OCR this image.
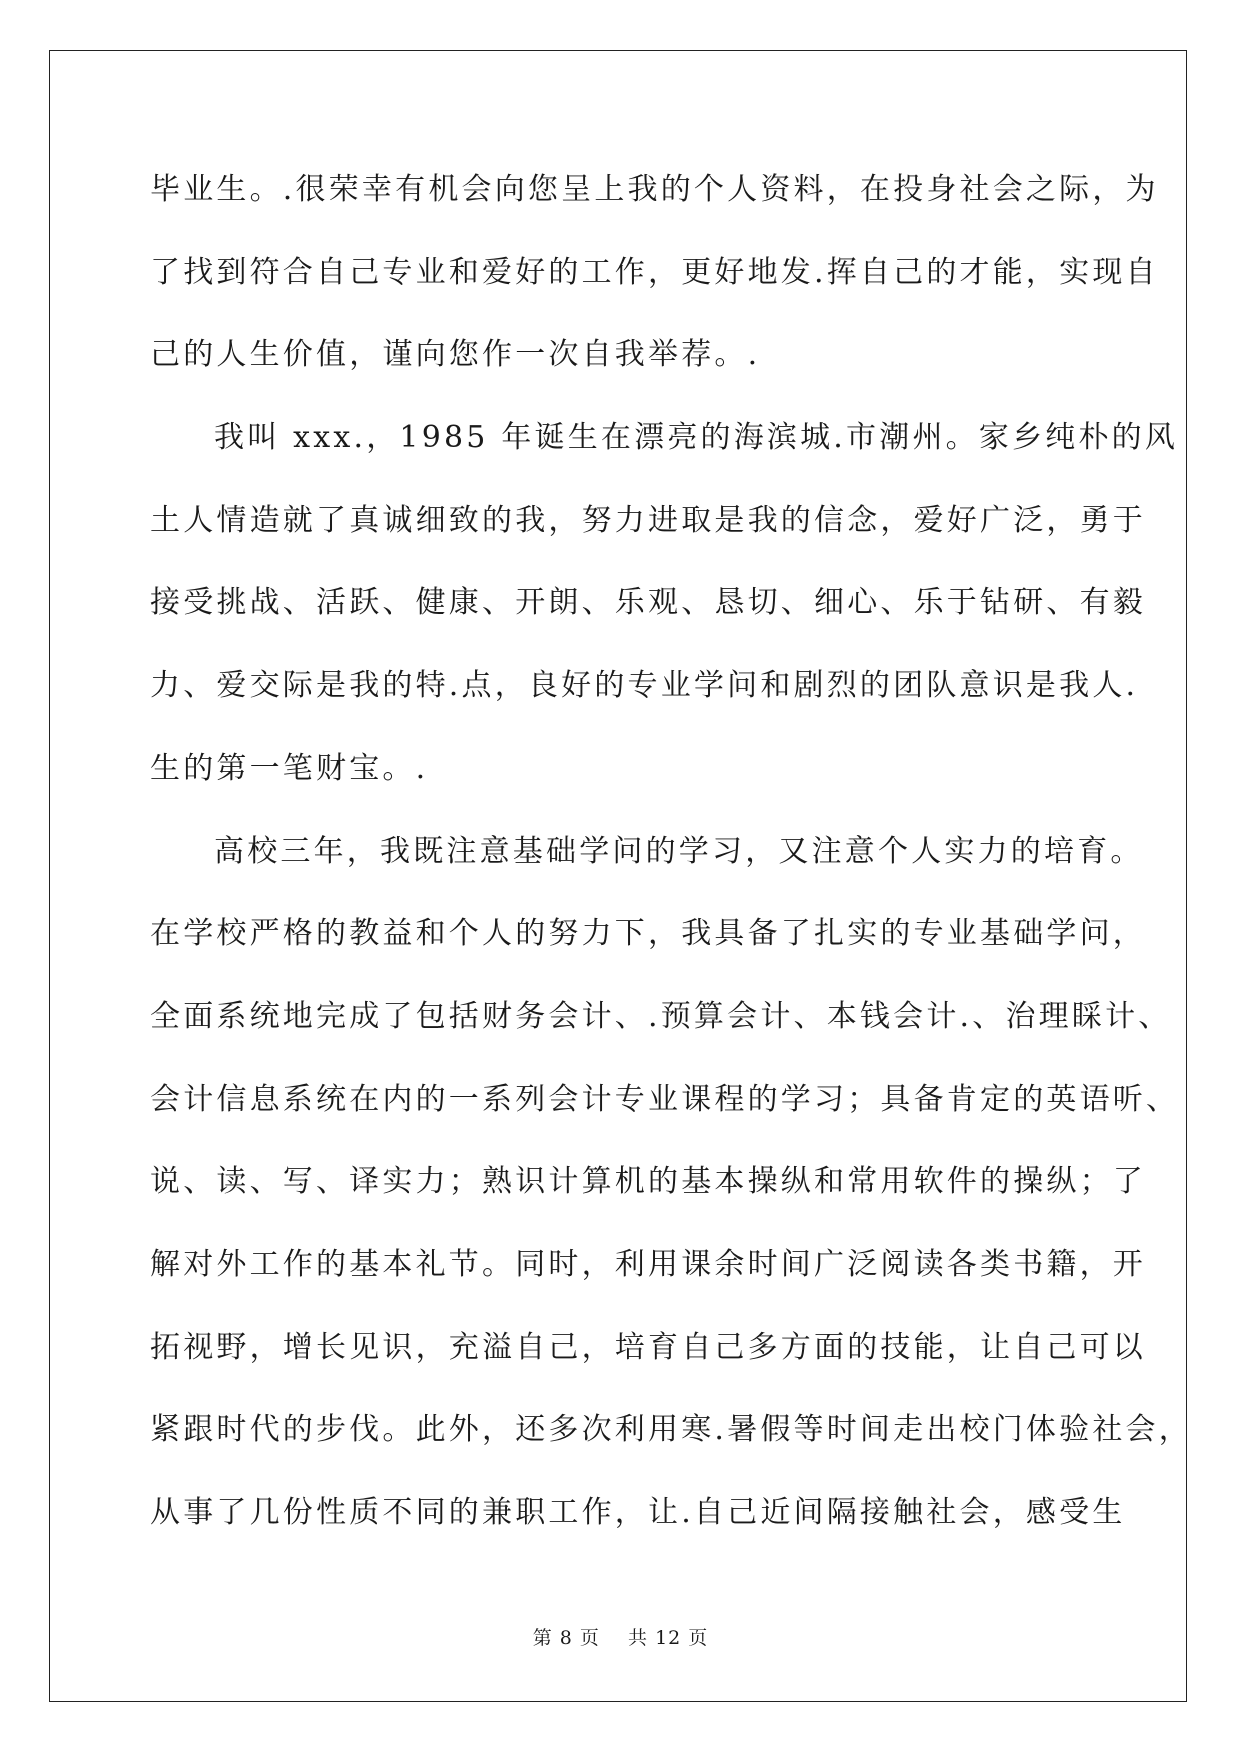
毕业生。.很荣幸有机会向您呈上我的个人资料，在投身社会之际，为
了找到符合自己专业和爱好的工作，更好地发.挥自己的才能，实现自
己的人生价值，谨向您作一次自我举荐。.
我叫 xxx.，1985 年诞生在漂亮的海滨城.市潮州。家乡纯朴的风
土人情造就了真诚细致的我，努力进取是我的信念，爱好广泛，勇于
接受挑战、活跃、健康、开朗、乐观、恳切、细心、乐于钻研、有毅
力、爱交际是我的特.点，良好的专业学问和剧烈的团队意识是我人.
生的第一笔财宝。.
高校三年，我既注意基础学问的学习，又注意个人实力的培育。
在学校严格的教益和个人的努力下，我具备了扎实的专业基础学问，
全面系统地完成了包括财务会计、.预算会计、本钱会计.、治理睬计、
会计信息系统在内的一系列会计专业课程的学习；具备肯定的英语听、
说、读、写、译实力；熟识计算机的基本操纵和常用软件的操纵；了
解对外工作的基本礼节。同时，利用课余时间广泛阅读各类书籍，开
拓视野，增长见识，充溢自己，培育自己多方面的技能，让自己可以
紧跟时代的步伐。此外，还多次利用寒.暑假等时间走出校门体验社会，
从事了几份性质不同的兼职工作，让.自己近间隔接触社会，感受生
第 8 页 共 12 页
